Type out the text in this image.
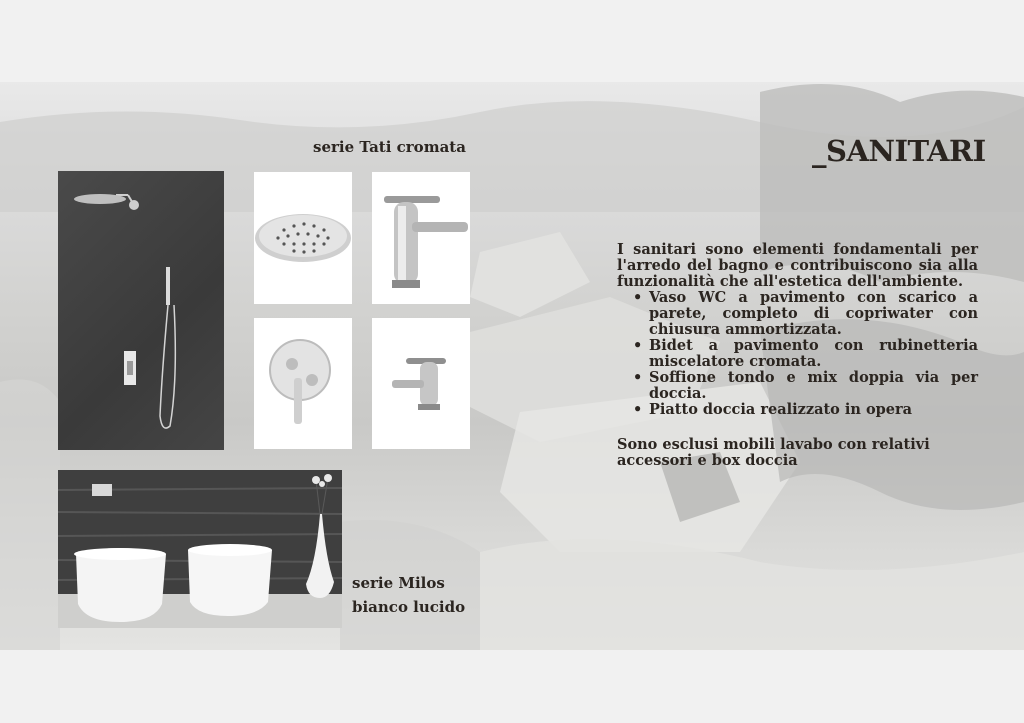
_SANITARI
serie Tati cromata
serie Milos
bianco lucido

I sanitari sono elementi fondamentali per l'arredo del bagno e contribuiscono sia alla funzionalità che all'estetica dell'ambiente.

• Vaso WC a pavimento con scarico a parete, completo di copriwater con chiusura ammortizzata.
• Bidet a pavimento con rubinetteria miscelatore cromata.
• Soffione tondo e mix doppia via per doccia.
• Piatto doccia realizzato in opera

Sono esclusi mobili lavabo con relativi accessori e box doccia
